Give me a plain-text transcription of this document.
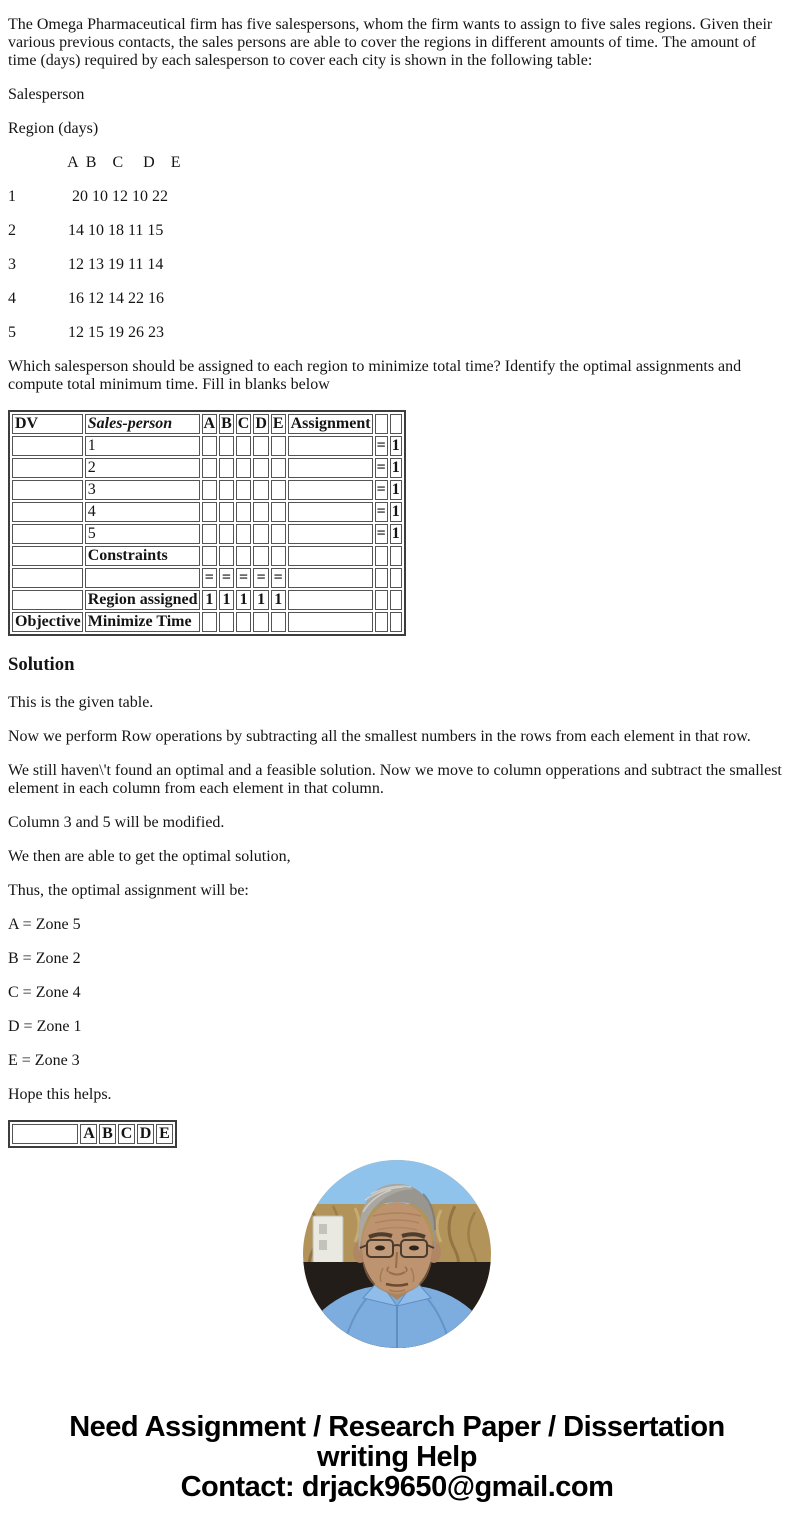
The Omega Pharmaceutical firm has five salespersons, whom the firm wants to assign to five sales regions. Given their various previous contacts, the sales persons are able to cover the regions in different amounts of time. The amount of time (days) required by each salesperson to cover each city is shown in the following table:

Salesperson

Region (days)

A  B    C     D    E

1              20 10 12 10 22

2             14 10 18 11 15

3             12 13 19 11 14

4             16 12 14 22 16

5             12 15 19 26 23

Which salesperson should be assigned to each region to minimize total time? Identify the optimal assignments and compute total minimum time. Fill in blanks below

DV	Sales-person	A	B	C	D	E	Assignment		
	1							=	1
	2							=	1
	3							=	1
	4							=	1
	5							=	1
	Constraints								
		=	=	=	=	=			
	Region assigned	1	1	1	1	1			
Objective	Minimize Time								
Solution

This is the given table.

Now we perform Row operations by subtracting all the smallest numbers in the rows from each element in that row.

We still haven\'t found an optimal and a feasible solution. Now we move to column opperations and subtract the smallest element in each column from each element in that column.

Column 3 and 5 will be modified.

We then are able to get the optimal solution,

Thus, the optimal assignment will be:

A = Zone 5

B = Zone 2

C = Zone 4

D = Zone 1

E = Zone 3

Hope this helps.

	A	B	C	D	E
Need Assignment / Research Paper / Dissertation
writing Help
Contact: drjack9650@gmail.com
